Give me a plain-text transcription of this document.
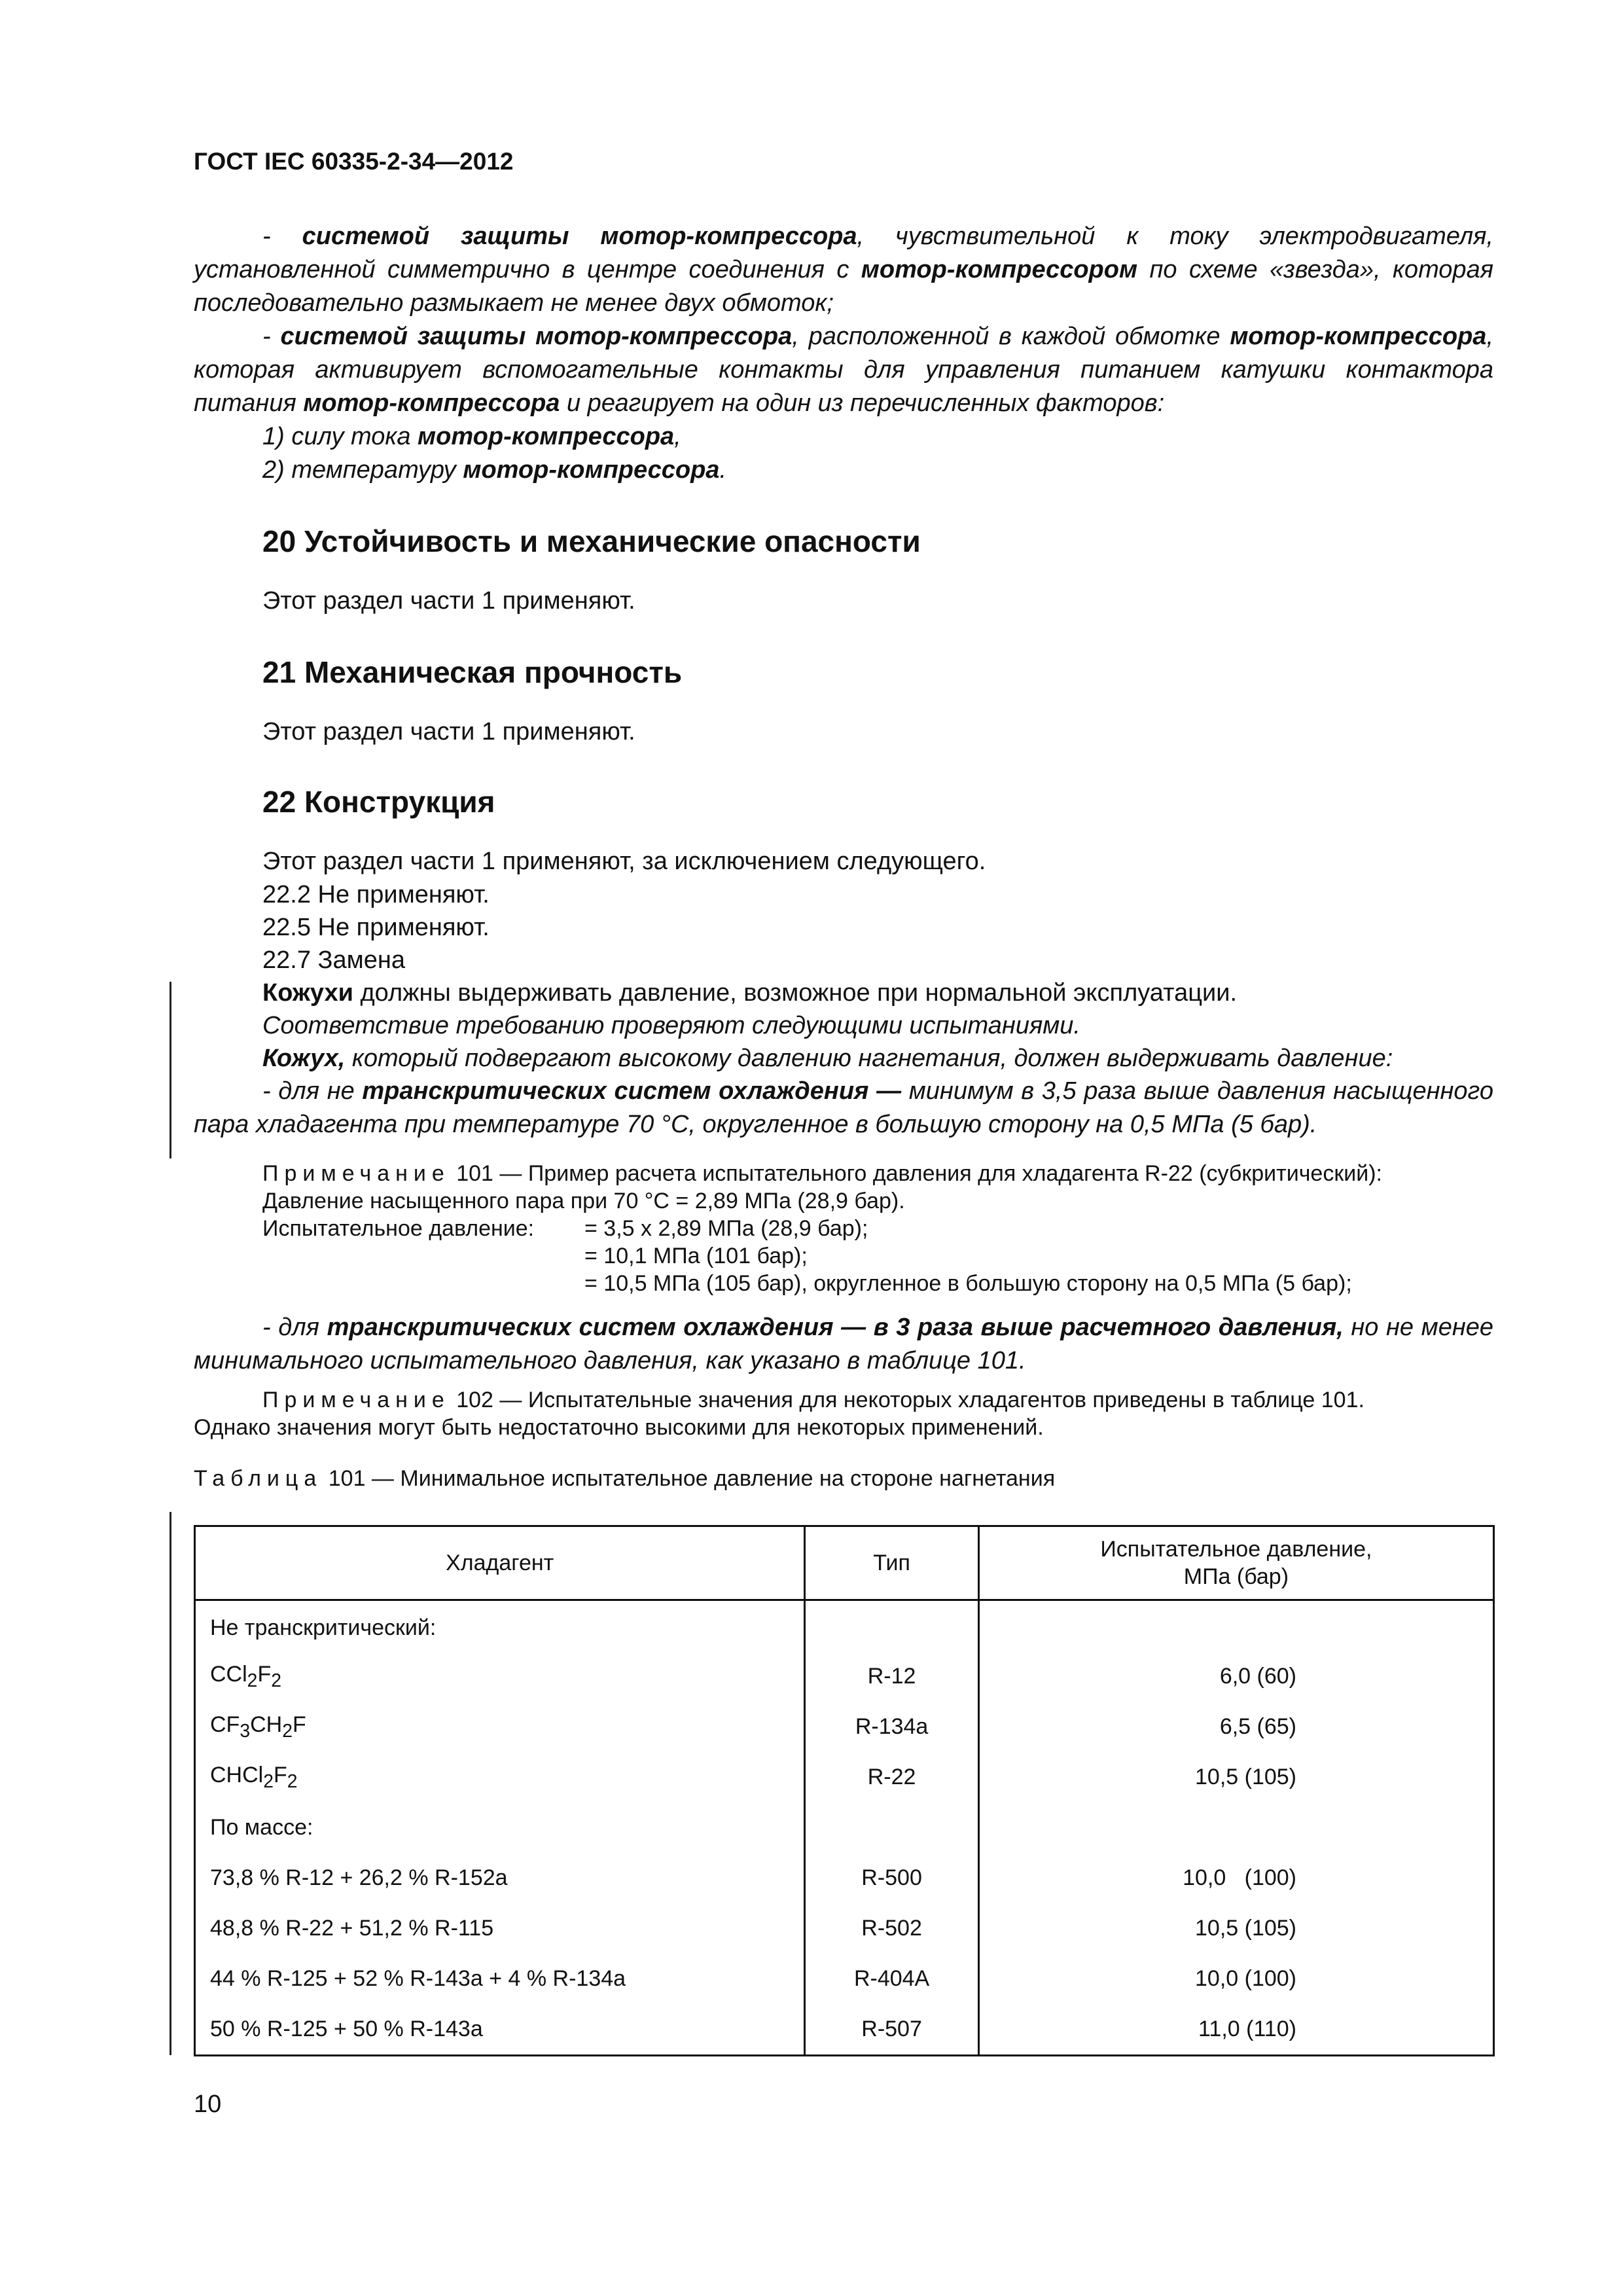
ГОСТ IEC 60335-2-34—2012
- системой защиты мотор-компрессора, чувствительной к току электродвигателя, установленной симметрично в центре соединения с мотор-компрессором по схеме «звезда», которая последовательно размыкает не менее двух обмоток;
- системой защиты мотор-компрессора, расположенной в каждой обмотке мотор-компрессора, которая активирует вспомогательные контакты для управления питанием катушки контактора питания мотор-компрессора и реагирует на один из перечисленных факторов:
1) силу тока мотор-компрессора,
2) температуру мотор-компрессора.
20 Устойчивость и механические опасности
Этот раздел части 1 применяют.
21 Механическая прочность
Этот раздел части 1 применяют.
22 Конструкция
Этот раздел части 1 применяют, за исключением следующего.
22.2 Не применяют.
22.5 Не применяют.
22.7 Замена
Кожухи должны выдерживать давление, возможное при нормальной эксплуатации.
Соответствие требованию проверяют следующими испытаниями.
Кожух, который подвергают высокому давлению нагнетания, должен выдерживать давление:
- для не транскритических систем охлаждения — минимум в 3,5 раза выше давления насыщенного пара хладагента при температуре 70 °С, округленное в большую сторону на 0,5 МПа (5 бар).
Примечание 101 — Пример расчета испытательного давления для хладагента R-22 (субкритический):
Давление насыщенного пара при 70 °С = 2,89 МПа (28,9 бар).
Испытательное давление: = 3,5 х 2,89 МПа (28,9 бар);
= 10,1 МПа (101 бар);
= 10,5 МПа (105 бар), округленное в большую сторону на 0,5 МПа (5 бар);
- для транскритических систем охлаждения — в 3 раза выше расчетного давления, но не менее минимального испытательного давления, как указано в таблице 101.
Примечание 102 — Испытательные значения для некоторых хладагентов приведены в таблице 101.
Однако значения могут быть недостаточно высокими для некоторых применений.
Таблица 101 — Минимальное испытательное давление на стороне нагнетания
Хладагент	Тип	Испытательное давление,
МПа (бар)
Не транскритический:		
$CCl_2F_2$	R-12	6,0 (60)
$CF_3CH_2F$	R-134a	6,5 (65)
$CHCl_2F_2$	R-22	10,5 (105)
По массе:		
73,8 % R-12 + 26,2 % R-152a	R-500	10,0   (100)
48,8 % R-22 + 51,2 % R-115	R-502	10,5 (105)
44 % R-125 + 52 % R-143a + 4 % R-134a	R-404A	10,0 (100)
50 % R-125 + 50 % R-143a	R-507	11,0 (110)
10
